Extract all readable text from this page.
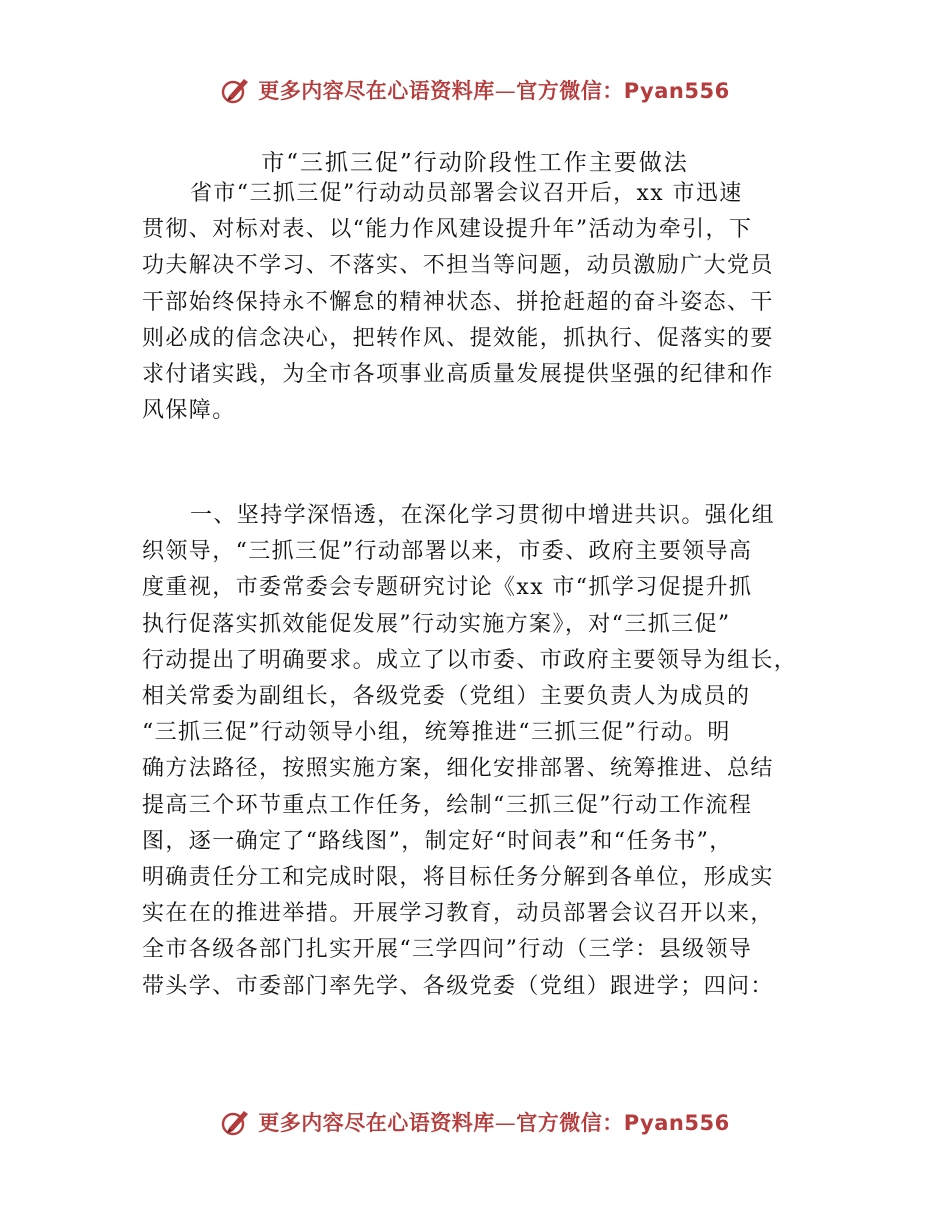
更多内容尽在心语资料库—官方微信：Pyan556
市“三抓三促”行动阶段性工作主要做法
省市“三抓三促”行动动员部署会议召开后，xx 市迅速
贯彻、对标对表、以“能力作风建设提升年”活动为牵引，下
功夫解决不学习、不落实、不担当等问题，动员激励广大党员
干部始终保持永不懈怠的精神状态、拼抢赶超的奋斗姿态、干
则必成的信念决心，把转作风、提效能，抓执行、促落实的要
求付诸实践，为全市各项事业高质量发展提供坚强的纪律和作
风保障。
一、坚持学深悟透，在深化学习贯彻中增进共识。强化组
织领导，“三抓三促”行动部署以来，市委、政府主要领导高
度重视，市委常委会专题研究讨论《xx 市“抓学习促提升抓
执行促落实抓效能促发展”行动实施方案》，对“三抓三促”
行动提出了明确要求。成立了以市委、市政府主要领导为组长，
相关常委为副组长，各级党委（党组）主要负责人为成员的
“三抓三促”行动领导小组，统筹推进“三抓三促”行动。明
确方法路径，按照实施方案，细化安排部署、统筹推进、总结
提高三个环节重点工作任务，绘制“三抓三促”行动工作流程
图，逐一确定了“路线图”，制定好“时间表”和“任务书”，
明确责任分工和完成时限，将目标任务分解到各单位，形成实
实在在的推进举措。开展学习教育，动员部署会议召开以来，
全市各级各部门扎实开展“三学四问”行动（三学：县级领导
带头学、市委部门率先学、各级党委（党组）跟进学；四问：
更多内容尽在心语资料库—官方微信：Pyan556
